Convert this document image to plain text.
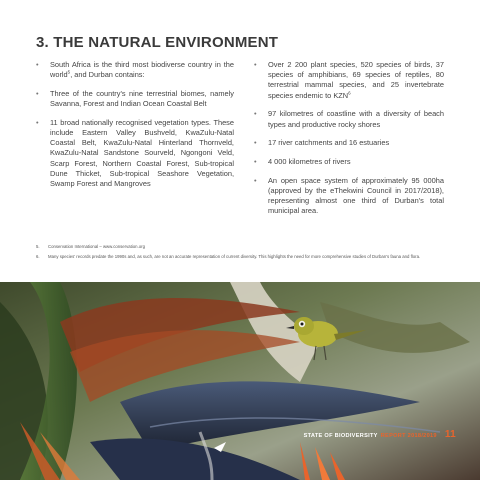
3. THE NATURAL ENVIRONMENT
• South Africa is the third most biodiverse country in the world$^5$, and Durban contains:
• Three of the country's nine terrestrial biomes, namely Savanna, Forest and Indian Ocean Coastal Belt
• 11 broad nationally recognised vegetation types. These include Eastern Valley Bushveld, KwaZulu-Natal Coastal Belt, KwaZulu-Natal Hinterland Thornveld, KwaZulu-Natal Sandstone Sourveld, Ngongoni Veld, Scarp Forest, Northern Coastal Forest, Sub-tropical Dune Thicket, Sub-tropical Seashore Vegetation, Swamp Forest and Mangroves
• Over 2 200 plant species, 520 species of birds, 37 species of amphibians, 69 species of reptiles, 80 terrestrial mammal species, and 25 invertebrate species endemic to KZN$^6$
• 97 kilometres of coastline with a diversity of beach types and productive rocky shores
• 17 river catchments and 16 estuaries
• 4 000 kilometres of rivers
• An open space system of approximately 95 000ha (approved by the eThekwini Council in 2017/2018), representing almost one third of Durban's total municipal area.
5. Conservation International – www.conservation.org
6. Many species' records predate the 1990s and, as such, are not an accurate representation of current diversity. This highlights the need for more comprehensive studies of Durban's fauna and flora.
STATE OF BIODIVERSITY REPORT 2018/2019 11
